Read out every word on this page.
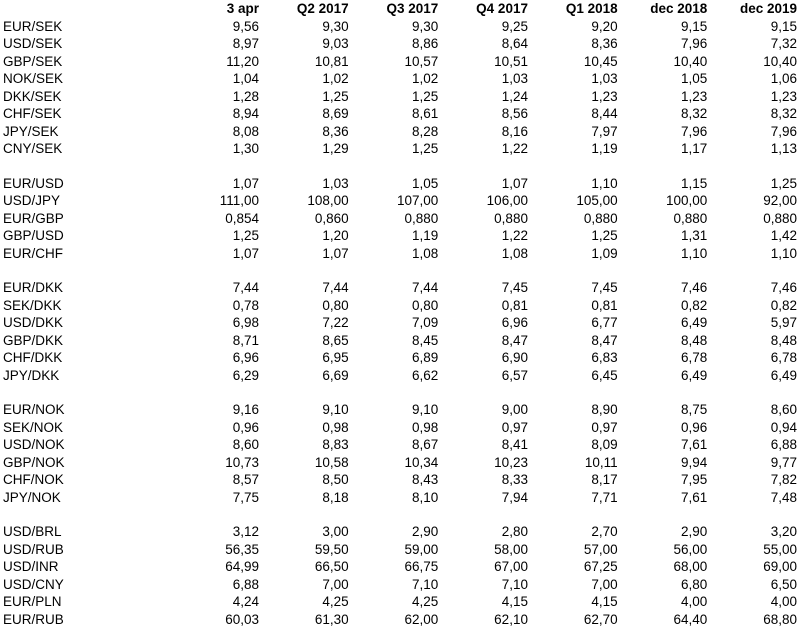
	3 apr	Q2 2017	Q3 2017	Q4 2017	Q1 2018	dec 2018	dec 2019
EUR/SEK	9,56	9,30	9,30	9,25	9,20	9,15	9,15
USD/SEK	8,97	9,03	8,86	8,64	8,36	7,96	7,32
GBP/SEK	11,20	10,81	10,57	10,51	10,45	10,40	10,40
NOK/SEK	1,04	1,02	1,02	1,03	1,03	1,05	1,06
DKK/SEK	1,28	1,25	1,25	1,24	1,23	1,23	1,23
CHF/SEK	8,94	8,69	8,61	8,56	8,44	8,32	8,32
JPY/SEK	8,08	8,36	8,28	8,16	7,97	7,96	7,96
CNY/SEK	1,30	1,29	1,25	1,22	1,19	1,17	1,13

EUR/USD	1,07	1,03	1,05	1,07	1,10	1,15	1,25
USD/JPY	111,00	108,00	107,00	106,00	105,00	100,00	92,00
EUR/GBP	0,854	0,860	0,880	0,880	0,880	0,880	0,880
GBP/USD	1,25	1,20	1,19	1,22	1,25	1,31	1,42
EUR/CHF	1,07	1,07	1,08	1,08	1,09	1,10	1,10

EUR/DKK	7,44	7,44	7,44	7,45	7,45	7,46	7,46
SEK/DKK	0,78	0,80	0,80	0,81	0,81	0,82	0,82
USD/DKK	6,98	7,22	7,09	6,96	6,77	6,49	5,97
GBP/DKK	8,71	8,65	8,45	8,47	8,47	8,48	8,48
CHF/DKK	6,96	6,95	6,89	6,90	6,83	6,78	6,78
JPY/DKK	6,29	6,69	6,62	6,57	6,45	6,49	6,49

EUR/NOK	9,16	9,10	9,10	9,00	8,90	8,75	8,60
SEK/NOK	0,96	0,98	0,98	0,97	0,97	0,96	0,94
USD/NOK	8,60	8,83	8,67	8,41	8,09	7,61	6,88
GBP/NOK	10,73	10,58	10,34	10,23	10,11	9,94	9,77
CHF/NOK	8,57	8,50	8,43	8,33	8,17	7,95	7,82
JPY/NOK	7,75	8,18	8,10	7,94	7,71	7,61	7,48

USD/BRL	3,12	3,00	2,90	2,80	2,70	2,90	3,20
USD/RUB	56,35	59,50	59,00	58,00	57,00	56,00	55,00
USD/INR	64,99	66,50	66,75	67,00	67,25	68,00	69,00
USD/CNY	6,88	7,00	7,10	7,10	7,00	6,80	6,50
EUR/PLN	4,24	4,25	4,25	4,15	4,15	4,00	4,00
EUR/RUB	60,03	61,30	62,00	62,10	62,70	64,40	68,80
